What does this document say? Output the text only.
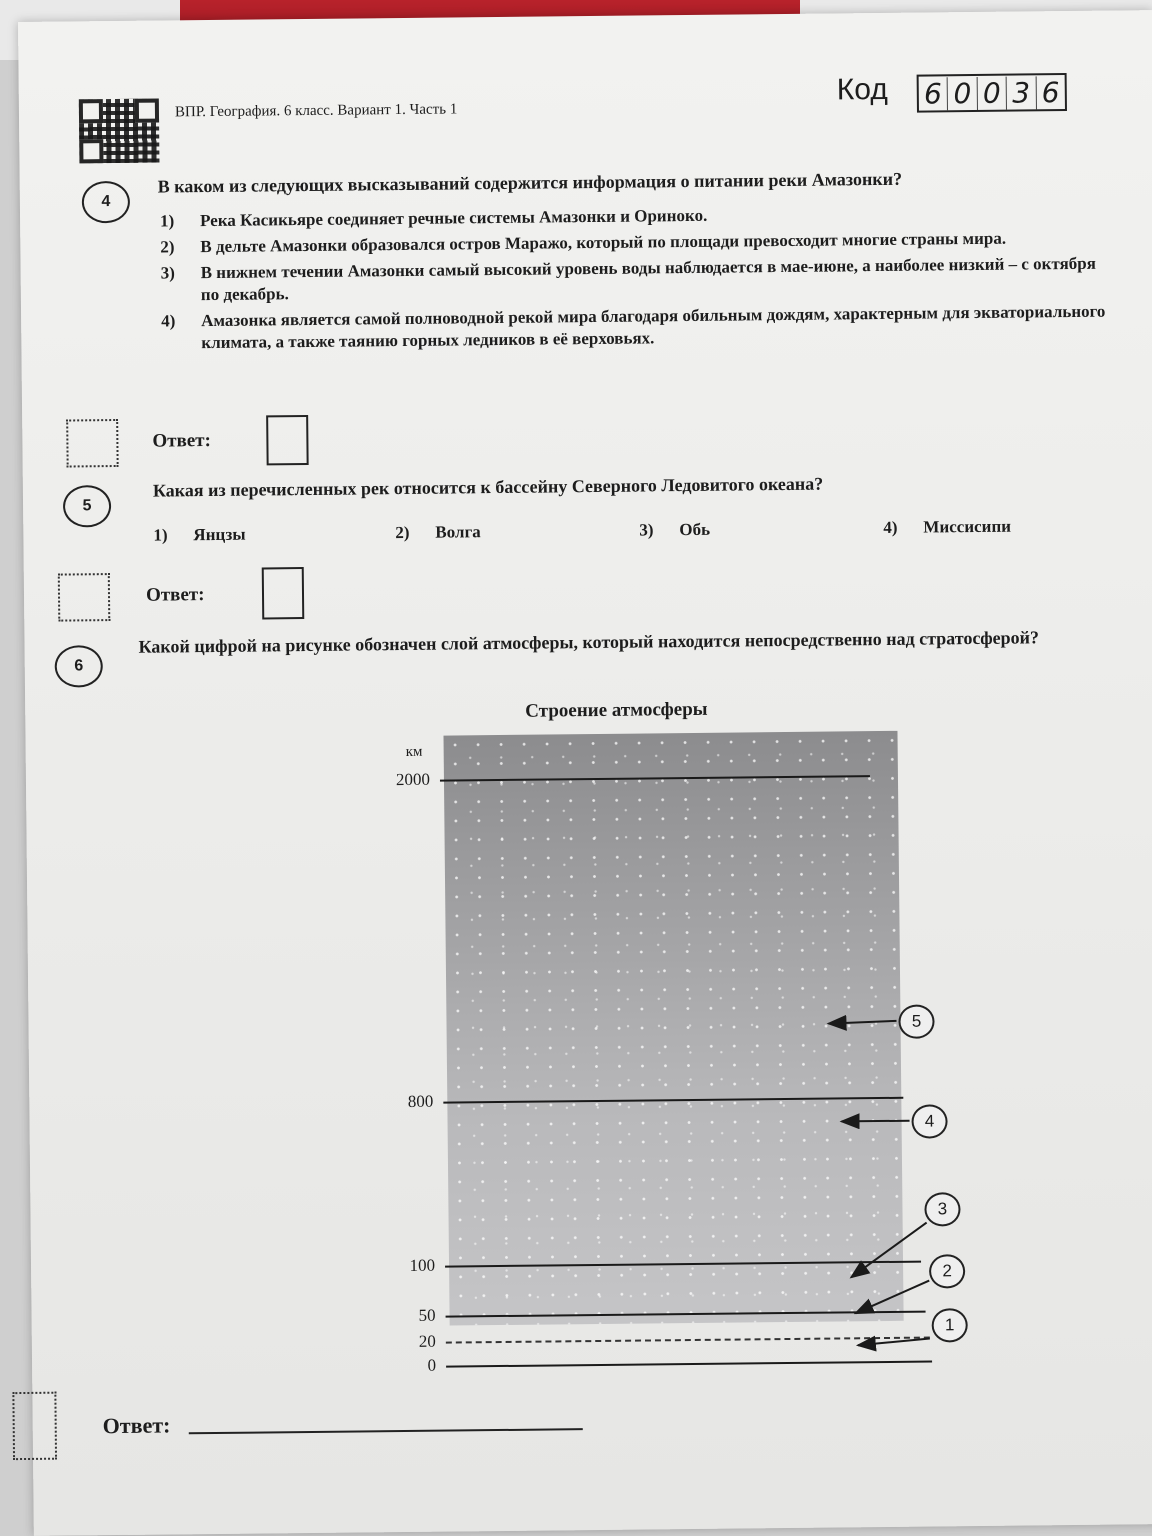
ВПР. География. 6 класс. Вариант 1. Часть 1
Код 6 0 0 3 6
4
В каком из следующих высказываний содержится информация о питании реки Амазонки?
1)	Река Касикьяре соединяет речные системы Амазонки и Ориноко.
2)	В дельте Амазонки образовался остров Маражо, который по площади превосходит многие страны мира.
3)	В нижнем течении Амазонки самый высокий уровень воды наблюдается в мае-июне, а наиболее низкий – с октября по декабрь.
4)	Амазонка является самой полноводной рекой мира благодаря обильным дождям, характерным для экваториального климата, а также таянию горных ледников в её верховьях.
Ответ:
5
Какая из перечисленных рек относится к бассейну Северного Ледовитого океана?
1)	Янцзы	2)	Волга	3)	Обь	4)	Миссисипи
Ответ:
6
Какой цифрой на рисунке обозначен слой атмосферы, который находится непосредственно над стратосферой?
Строение атмосферы
км
2000
800
100
50
20
0
5
4
3
2
1
Ответ:
